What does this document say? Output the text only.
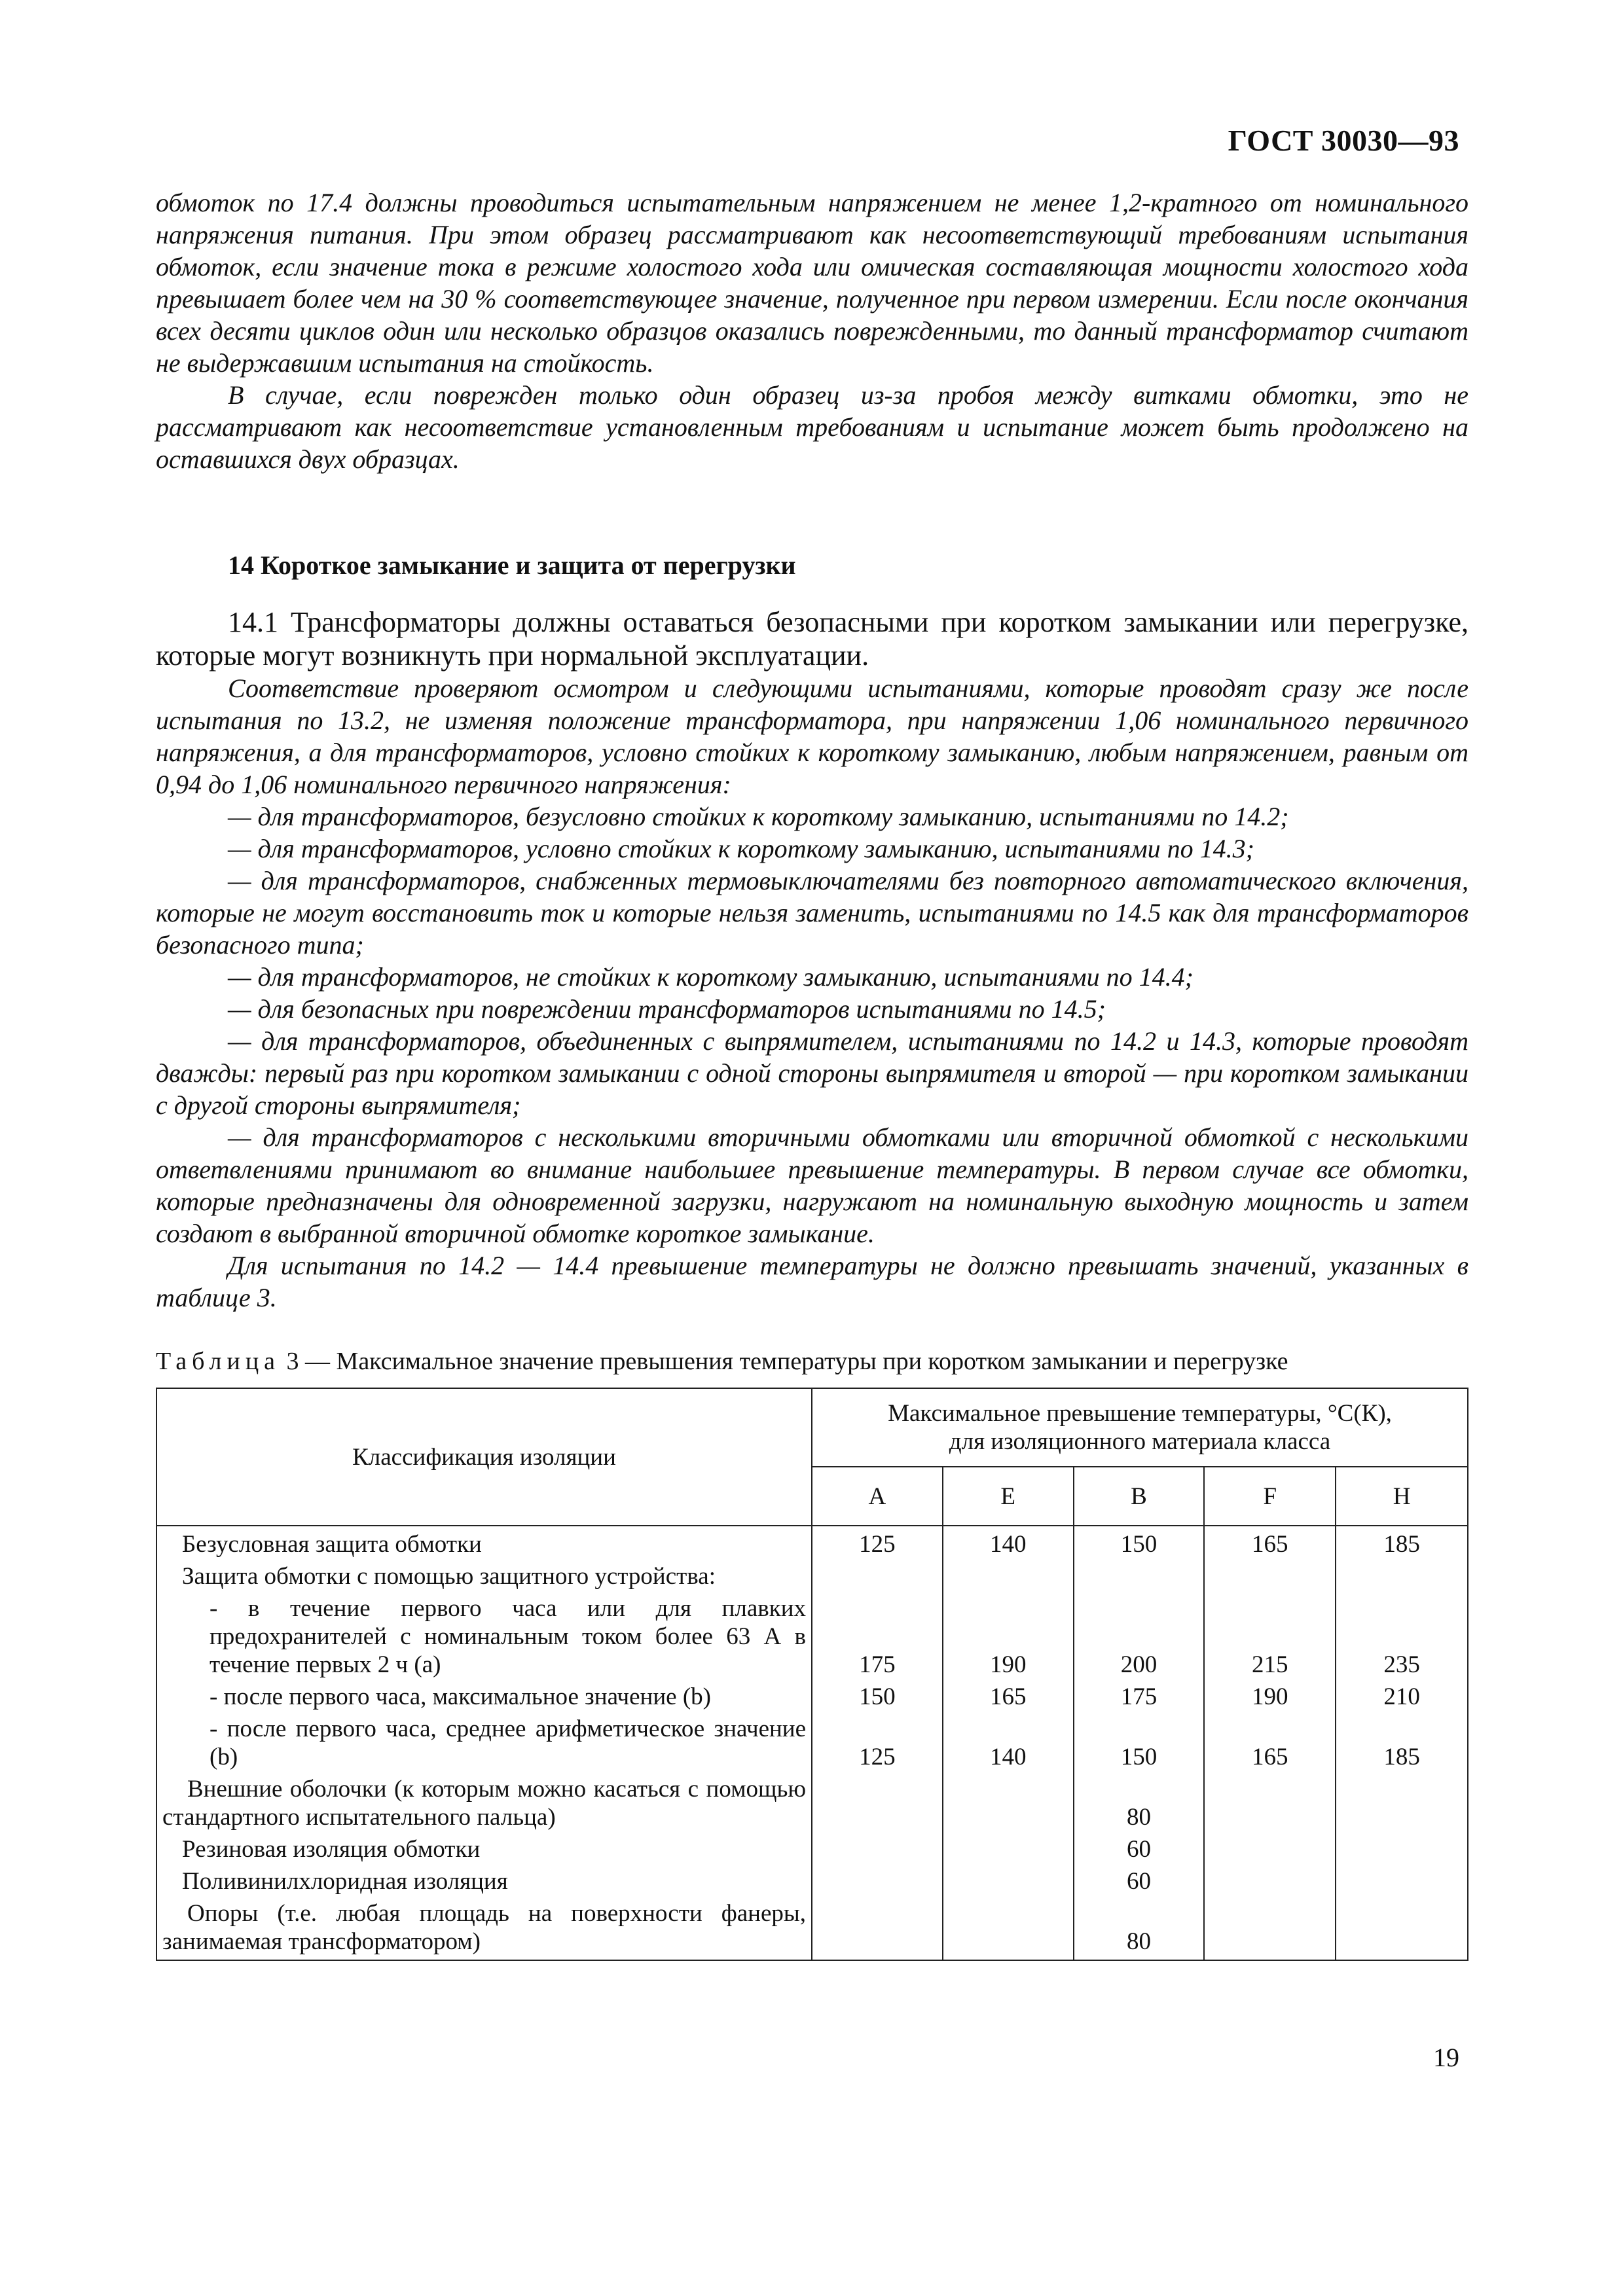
ГОСТ 30030—93

обмоток по 17.4 должны проводиться испытательным напряжением не менее 1,2-кратного от номинального напряжения питания. При этом образец рассматривают как несоответствующий требованиям испытания обмоток, если значение тока в режиме холостого хода или омическая составляющая мощности холостого хода превышает более чем на 30 % соответствующее значение, полученное при первом измерении. Если после окончания всех десяти циклов один или несколько образцов оказались поврежденными, то данный трансформатор считают не выдержавшим испытания на стойкость.

В случае, если поврежден только один образец из-за пробоя между витками обмотки, это не рассматривают как несоответствие установленным требованиям и испытание может быть продолжено на оставшихся двух образцах.

14 Короткое замыкание и защита от перегрузки

14.1 Трансформаторы должны оставаться безопасными при коротком замыкании или перегрузке, которые могут возникнуть при нормальной эксплуатации.

Соответствие проверяют осмотром и следующими испытаниями, которые проводят сразу же после испытания по 13.2, не изменяя положение трансформатора, при напряжении 1,06 номинального первичного напряжения, а для трансформаторов, условно стойких к короткому замыканию, любым напряжением, равным от 0,94 до 1,06 номинального первичного напряжения:

— для трансформаторов, безусловно стойких к короткому замыканию, испытаниями по 14.2;

— для трансформаторов, условно стойких к короткому замыканию, испытаниями по 14.3;

— для трансформаторов, снабженных термовыключателями без повторного автоматического включения, которые не могут восстановить ток и которые нельзя заменить, испытаниями по 14.5 как для трансформаторов безопасного типа;

— для трансформаторов, не стойких к короткому замыканию, испытаниями по 14.4;

— для безопасных при повреждении трансформаторов испытаниями по 14.5;

— для трансформаторов, объединенных с выпрямителем, испытаниями по 14.2 и 14.3, которые проводят дважды: первый раз при коротком замыкании с одной стороны выпрямителя и второй — при коротком замыкании с другой стороны выпрямителя;

— для трансформаторов с несколькими вторичными обмотками или вторичной обмоткой с несколькими ответвлениями принимают во внимание наибольшее превышение температуры. В первом случае все обмотки, которые предназначены для одновременной загрузки, нагружают на номинальную выходную мощность и затем создают в выбранной вторичной обмотке короткое замыкание.

Для испытания по 14.2 — 14.4 превышение температуры не должно превышать значений, указанных в таблице 3.

Таблица 3 — Максимальное значение превышения температуры при коротком замыкании и перегрузке
Классификация изоляции	Максимальное превышение температуры, °С(К),
для изоляционного материала класса				

	A	E	B	F	H
Безусловная защита обмотки	125	140	150	165	185
Защита обмотки с помощью защитного устройства:					
- в течение первого часа или для плавких предохранителей с номинальным током более 63 А в течение первых 2 ч (а)	175	190	200	215	235
- после первого часа, максимальное значение (b)	150	165	175	190	210
- после первого часа, среднее арифметическое значение (b)	125	140	150	165	185
Внешние оболочки (к которым можно касаться с помощью стандартного испытательного пальца)			80		
Резиновая изоляция обмотки			60		
Поливинилхлоридная изоляция			60		
Опоры (т.е. любая площадь на поверхности фанеры, занимаемая трансформатором)			80		
19
